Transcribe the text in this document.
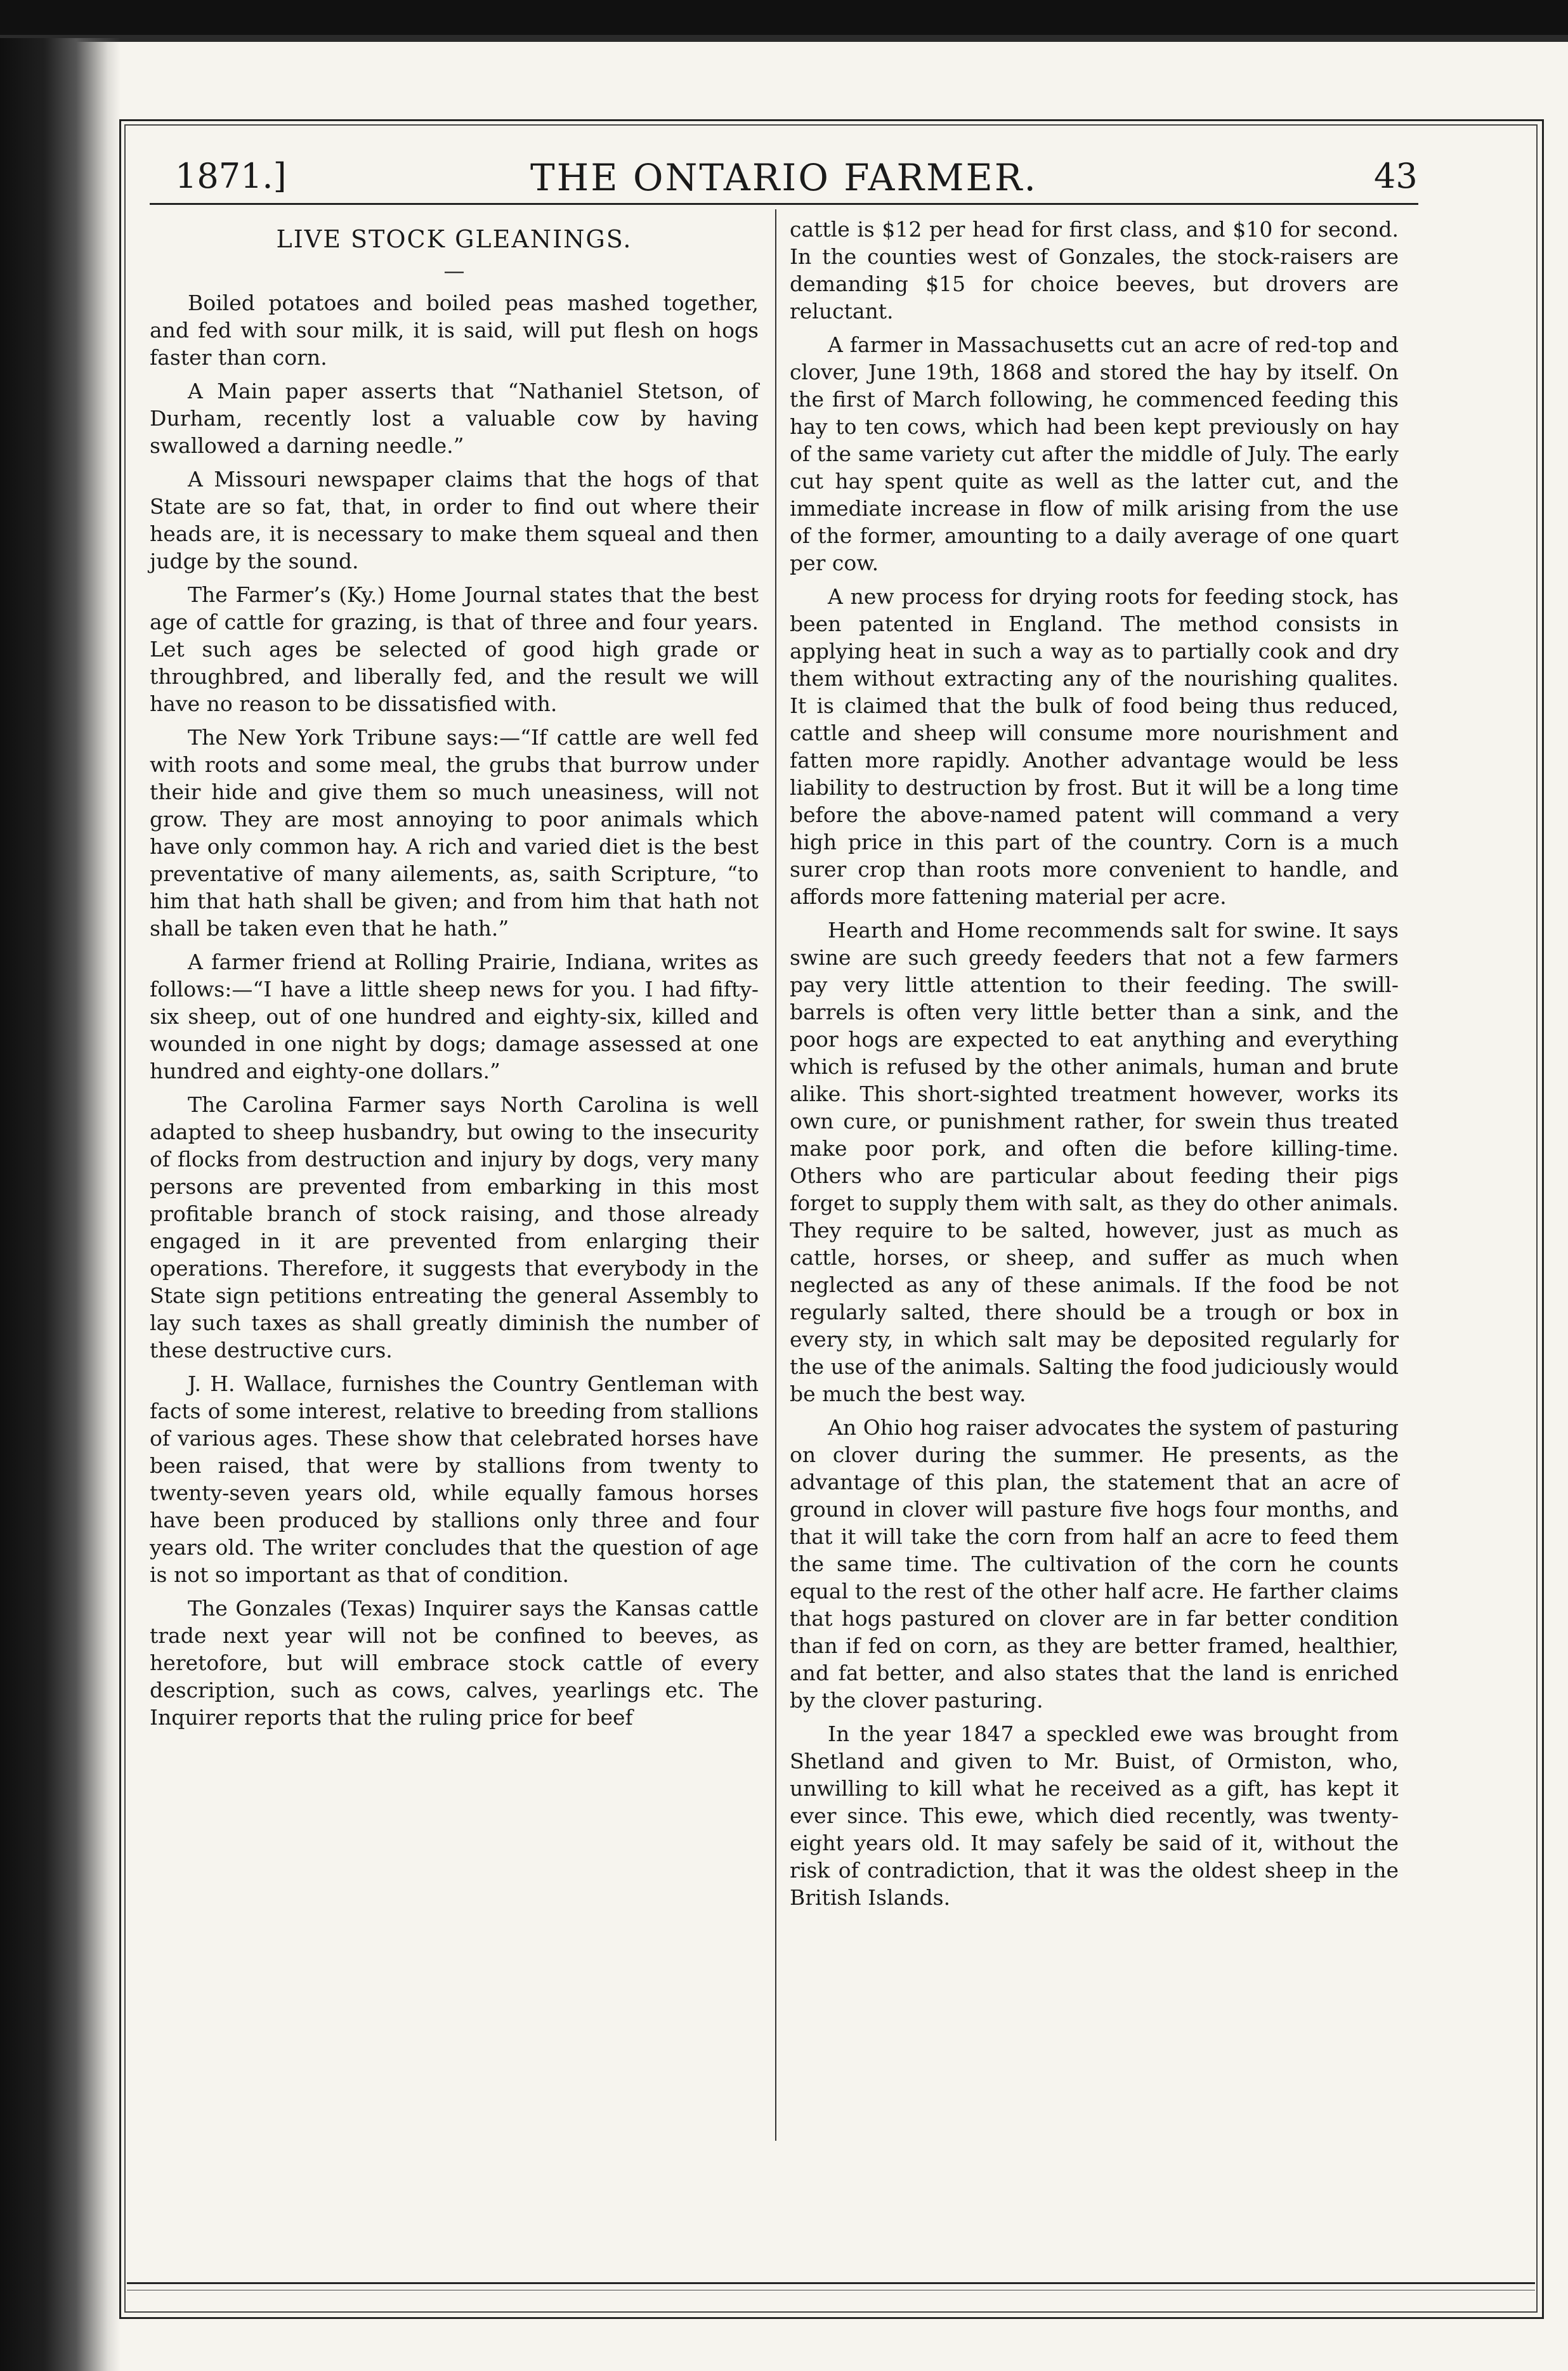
1871.]	THE ONTARIO FARMER.	43
LIVE STOCK GLEANINGS.
—

Boiled potatoes and boiled peas mashed together, and fed with sour milk, it is said, will put flesh on hogs faster than corn.

A Main paper asserts that “Nathaniel Stetson, of Durham, recently lost a valuable cow by having swallowed a darning needle.”

A Missouri newspaper claims that the hogs of that State are so fat, that, in order to find out where their heads are, it is necessary to make them squeal and then judge by the sound.

The Farmer’s (Ky.) Home Journal states that the best age of cattle for grazing, is that of three and four years. Let such ages be selected of good high grade or throughbred, and liberally fed, and the result we will have no reason to be dissatisfied with.

The New York Tribune says:—“If cattle are well fed with roots and some meal, the grubs that burrow under their hide and give them so much uneasiness, will not grow. They are most annoying to poor animals which have only common hay. A rich and varied diet is the best preventative of many ailements, as, saith Scripture, “to him that hath shall be given; and from him that hath not shall be taken even that he hath.”

A farmer friend at Rolling Prairie, Indiana, writes as follows:—“I have a little sheep news for you. I had fifty-six sheep, out of one hundred and eighty-six, killed and wounded in one night by dogs; damage assessed at one hundred and eighty-one dollars.”

The Carolina Farmer says North Carolina is well adapted to sheep husbandry, but owing to the insecurity of flocks from destruction and injury by dogs, very many persons are prevented from embarking in this most profitable branch of stock raising, and those already engaged in it are prevented from enlarging their operations. Therefore, it suggests that everybody in the State sign petitions entreating the general Assembly to lay such taxes as shall greatly diminish the number of these destructive curs.

J. H. Wallace, furnishes the Country Gentleman with facts of some interest, relative to breeding from stallions of various ages. These show that celebrated horses have been raised, that were by stallions from twenty to twenty-seven years old, while equally famous horses have been produced by stallions only three and four years old. The writer concludes that the question of age is not so important as that of condition.

The Gonzales (Texas) Inquirer says the Kansas cattle trade next year will not be confined to beeves, as heretofore, but will embrace stock cattle of every description, such as cows, calves, yearlings etc. The Inquirer reports that the ruling price for beef

cattle is $12 per head for first class, and $10 for second. In the counties west of Gonzales, the stock-raisers are demanding $15 for choice beeves, but drovers are reluctant.

A farmer in Massachusetts cut an acre of red-top and clover, June 19th, 1868 and stored the hay by itself. On the first of March following, he commenced feeding this hay to ten cows, which had been kept previously on hay of the same variety cut after the middle of July. The early cut hay spent quite as well as the latter cut, and the immediate increase in flow of milk arising from the use of the former, amounting to a daily average of one quart per cow.

A new process for drying roots for feeding stock, has been patented in England. The method consists in applying heat in such a way as to partially cook and dry them without extracting any of the nourishing qualites. It is claimed that the bulk of food being thus reduced, cattle and sheep will consume more nourishment and fatten more rapidly. Another advantage would be less liability to destruction by frost. But it will be a long time before the above-named patent will command a very high price in this part of the country. Corn is a much surer crop than roots more convenient to handle, and affords more fattening material per acre.

Hearth and Home recommends salt for swine. It says swine are such greedy feeders that not a few farmers pay very little attention to their feeding. The swill-barrels is often very little better than a sink, and the poor hogs are expected to eat anything and everything which is refused by the other animals, human and brute alike. This short-sighted treatment however, works its own cure, or punishment rather, for swein thus treated make poor pork, and often die before killing-time. Others who are particular about feeding their pigs forget to supply them with salt, as they do other animals. They require to be salted, however, just as much as cattle, horses, or sheep, and suffer as much when neglected as any of these animals. If the food be not regularly salted, there should be a trough or box in every sty, in which salt may be deposited regularly for the use of the animals. Salting the food judiciously would be much the best way.

An Ohio hog raiser advocates the system of pasturing on clover during the summer. He presents, as the advantage of this plan, the statement that an acre of ground in clover will pasture five hogs four months, and that it will take the corn from half an acre to feed them the same time. The cultivation of the corn he counts equal to the rest of the other half acre. He farther claims that hogs pastured on clover are in far better condition than if fed on corn, as they are better framed, healthier, and fat better, and also states that the land is enriched by the clover pasturing.

In the year 1847 a speckled ewe was brought from Shetland and given to Mr. Buist, of Ormiston, who, unwilling to kill what he received as a gift, has kept it ever since. This ewe, which died recently, was twenty-eight years old. It may safely be said of it, without the risk of contradiction, that it was the oldest sheep in the British Islands.
